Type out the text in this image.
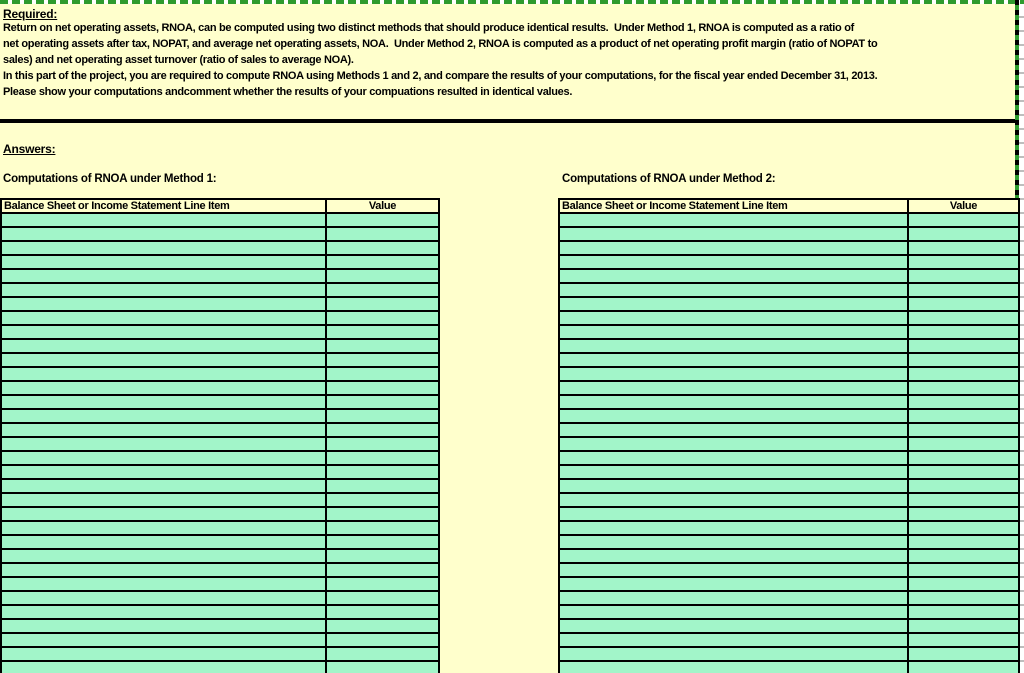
Required:
Return on net operating assets, RNOA, can be computed using two distinct methods that should produce identical results.  Under Method 1, RNOA is computed as a ratio of
net operating assets after tax, NOPAT, and average net operating assets, NOA.  Under Method 2, RNOA is computed as a product of net operating profit margin (ratio of NOPAT to
sales) and net operating asset turnover (ratio of sales to average NOA).
In this part of the project, you are required to compute RNOA using Methods 1 and 2, and compare the results of your computations, for the fiscal year ended December 31, 2013.
Please show your computations andcomment whether the results of your compuations resulted in identical values.
Answers:
Computations of RNOA under Method 1:	Computations of RNOA under Method 2:
Balance Sheet or Income Statement Line Item	Value

		Balance Sheet or Income Statement Line Item	Value
